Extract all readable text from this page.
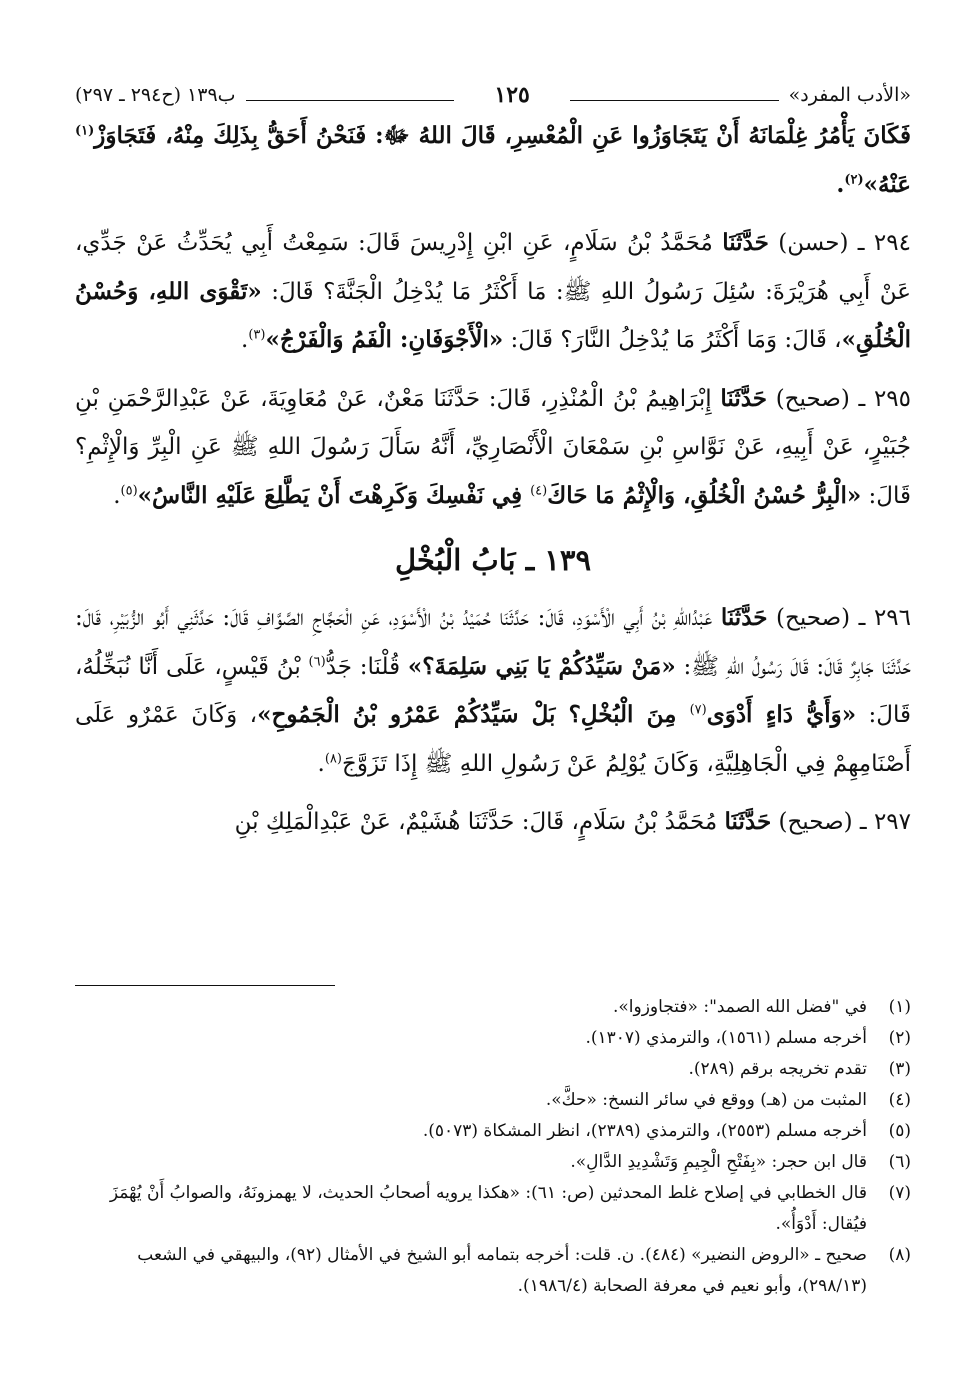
«الأدب المفرد»
١٢٥
ب١٣٩ (ح٢٩٤ ـ ٢٩٧)

فَكَانَ يَأْمُرُ غِلْمَانَهُ أَنْ يَتَجَاوَزُوا عَنِ الْمُعْسِرِ، قَالَ اللهُ ﷻ: فَنَحْنُ أَحَقُّ بِذَلِكَ مِنْهُ، فَتَجَاوَزْ$^{(١)}$ عَنْهُ»$^{(٢)}$.

٢٩٤ ـ (حسن) حَدَّثَنَا مُحَمَّدُ بْنُ سَلَامٍ، عَنِ ابْنِ إِدْرِيسَ قَالَ: سَمِعْتُ أَبِي يُحَدِّثُ عَنْ جَدِّي، عَنْ أَبِي هُرَيْرَةَ: سُئِلَ رَسُولُ اللهِ ﷺ: مَا أَكْثَرُ مَا يُدْخِلُ الْجَنَّةَ؟ قَالَ: «تَقْوَى اللهِ، وَحُسْنُ الْخُلُقِ»، قَالَ: وَمَا أَكْثَرُ مَا يُدْخِلُ النَّارَ؟ قَالَ: «الْأَجْوَفَانِ: الْفَمُ وَالْفَرْجُ»$^{(٣)}$.

٢٩٥ ـ (صحيح) حَدَّثَنَا إِبْرَاهِيمُ بْنُ الْمُنْذِرِ، قَالَ: حَدَّثَنَا مَعْنٌ، عَنْ مُعَاوِيَةَ، عَنْ عَبْدِالرَّحْمَنِ بْنِ جُبَيْرٍ، عَنْ أَبِيهِ، عَنْ نَوَّاسِ بْنِ سَمْعَانَ الْأَنْصَارِيِّ، أَنَّهُ سَأَلَ رَسُولَ اللهِ ﷺ عَنِ الْبِرِّ وَالْإِثْمِ؟ قَالَ: «الْبِرُّ حُسْنُ الْخُلُقِ، وَالْإِثْمُ مَا حَاكَ$^{(٤)}$ فِي نَفْسِكَ وَكَرِهْتَ أَنْ يَطَّلِعَ عَلَيْهِ النَّاسُ»$^{(٥)}$.

١٣٩ ـ بَابُ الْبُخْلِ

٢٩٦ ـ (صحيح) حَدَّثَنَا عَبْدُاللهِ بْنُ أَبِي الْأَسْوَدِ، قَالَ: حَدَّثَنَا حُمَيْدُ بْنُ الْأَسْوَدِ، عَنِ الْحَجَّاجِ الصَّوَّافِ قَالَ: حَدَّثَنِي أَبُو الزُّبَيْرِ، قَالَ: حَدَّثَنَا جَابِرٌ قَالَ: قَالَ رَسُولُ اللهِ ﷺ: «مَنْ سَيِّدُكُمْ يَا بَنِي سَلِمَةَ؟» قُلْنَا: جَدُّ$^{(٦)}$ بْنُ قَيْسٍ، عَلَى أَنَّا نُبَخِّلُهُ، قَالَ: «وَأَيُّ دَاءٍ أَدْوَى$^{(٧)}$ مِنَ الْبُخْلِ؟ بَلْ سَيِّدُكُمْ عَمْرُو بْنُ الْجَمُوحِ»، وَكَانَ عَمْرٌو عَلَى أَصْنَامِهِمْ فِي الْجَاهِلِيَّةِ، وَكَانَ يُوْلِمُ عَنْ رَسُولِ اللهِ ﷺ إِذَا تَزَوَّجَ$^{(٨)}$.

٢٩٧ ـ (صحيح) حَدَّثَنَا مُحَمَّدُ بْنُ سَلَامٍ، قَالَ: حَدَّثَنَا هُشَيْمٌ، عَنْ عَبْدِالْمَلِكِ بْنِ

(١)
في "فضل الله الصمد": «فتجاوزوا».
(٢)
أخرجه مسلم (١٥٦١)، والترمذي (١٣٠٧).
(٣)
تقدم تخريجه برقم (٢٨٩).
(٤)
المثبت من (هـ) ووقع في سائر النسخ: «حكَّ».
(٥)
أخرجه مسلم (٢٥٥٣)، والترمذي (٢٣٨٩)، انظر المشكاة (٥٠٧٣).
(٦)
قال ابن حجر: «بِفَتْحِ الْجِيمِ وَتَشْدِيدِ الدَّالِ».
(٧)
قال الخطابي في إصلاح غلط المحدثين (ص: ٦١): «هكذا يرويه أصحابُ الحديث، لا يهمزونَهُ، والصوابُ أَنْ يُهْمَزَ فيُقال: أَدْوَأُ».
(٨)
صحيح ـ «الروض النضير» (٤٨٤). ن. قلت: أخرجه بتمامه أبو الشيخ في الأمثال (٩٢)، والبيهقي في الشعب (٢٩٨/١٣)، وأبو نعيم في معرفة الصحابة (١٩٨٦/٤).
